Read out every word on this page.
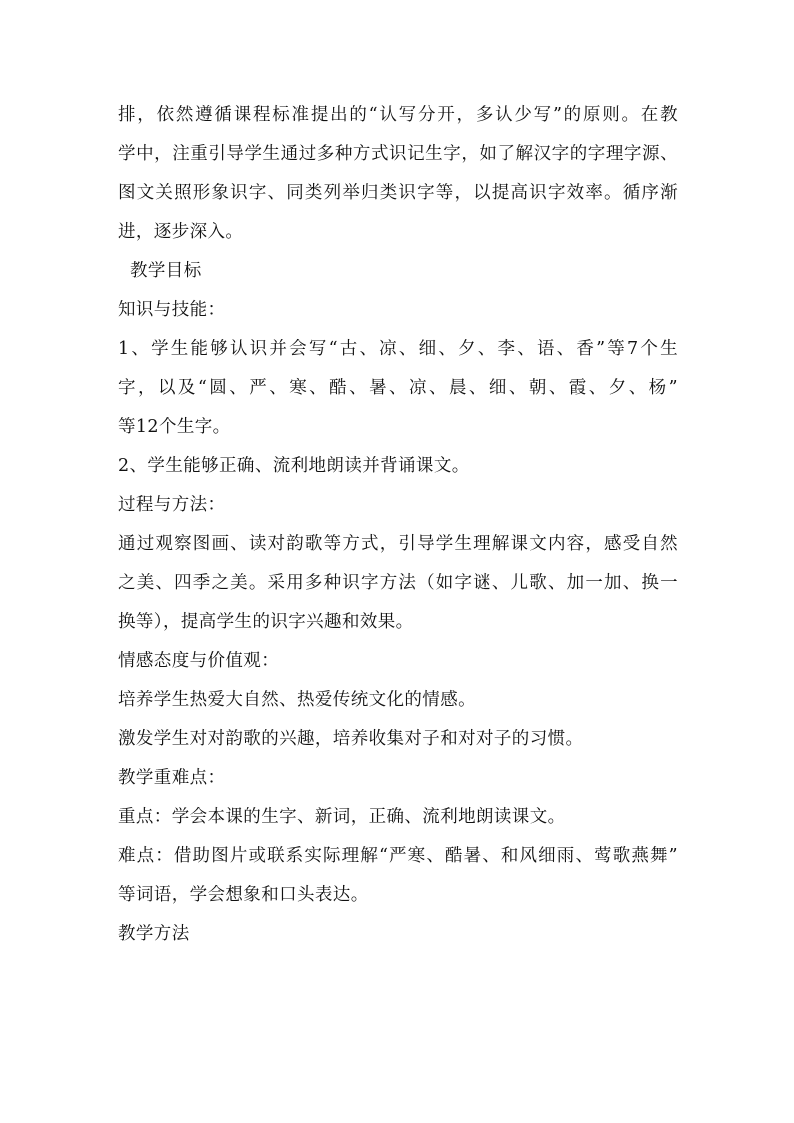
排，依然遵循课程标准提出的“认写分开，多认少写”的原则。在教
学中，注重引导学生通过多种方式识记生字，如了解汉字的字理字源、
图文关照形象识字、同类列举归类识字等，以提高识字效率。循序渐
进，逐步深入。
教学目标
知识与技能：
1、学生能够认识并会写“古、凉、细、夕、李、语、香”等7个生
字，以及“圆、严、寒、酷、暑、凉、晨、细、朝、霞、夕、杨”
等12个生字。
2、学生能够正确、流利地朗读并背诵课文。
过程与方法：
通过观察图画、读对韵歌等方式，引导学生理解课文内容，感受自然
之美、四季之美。采用多种识字方法（如字谜、儿歌、加一加、换一
换等），提高学生的识字兴趣和效果。
情感态度与价值观：
培养学生热爱大自然、热爱传统文化的情感。
激发学生对对韵歌的兴趣，培养收集对子和对对子的习惯。
教学重难点：
重点：学会本课的生字、新词，正确、流利地朗读课文。
难点：借助图片或联系实际理解“严寒、酷暑、和风细雨、莺歌燕舞”
等词语，学会想象和口头表达。
教学方法
